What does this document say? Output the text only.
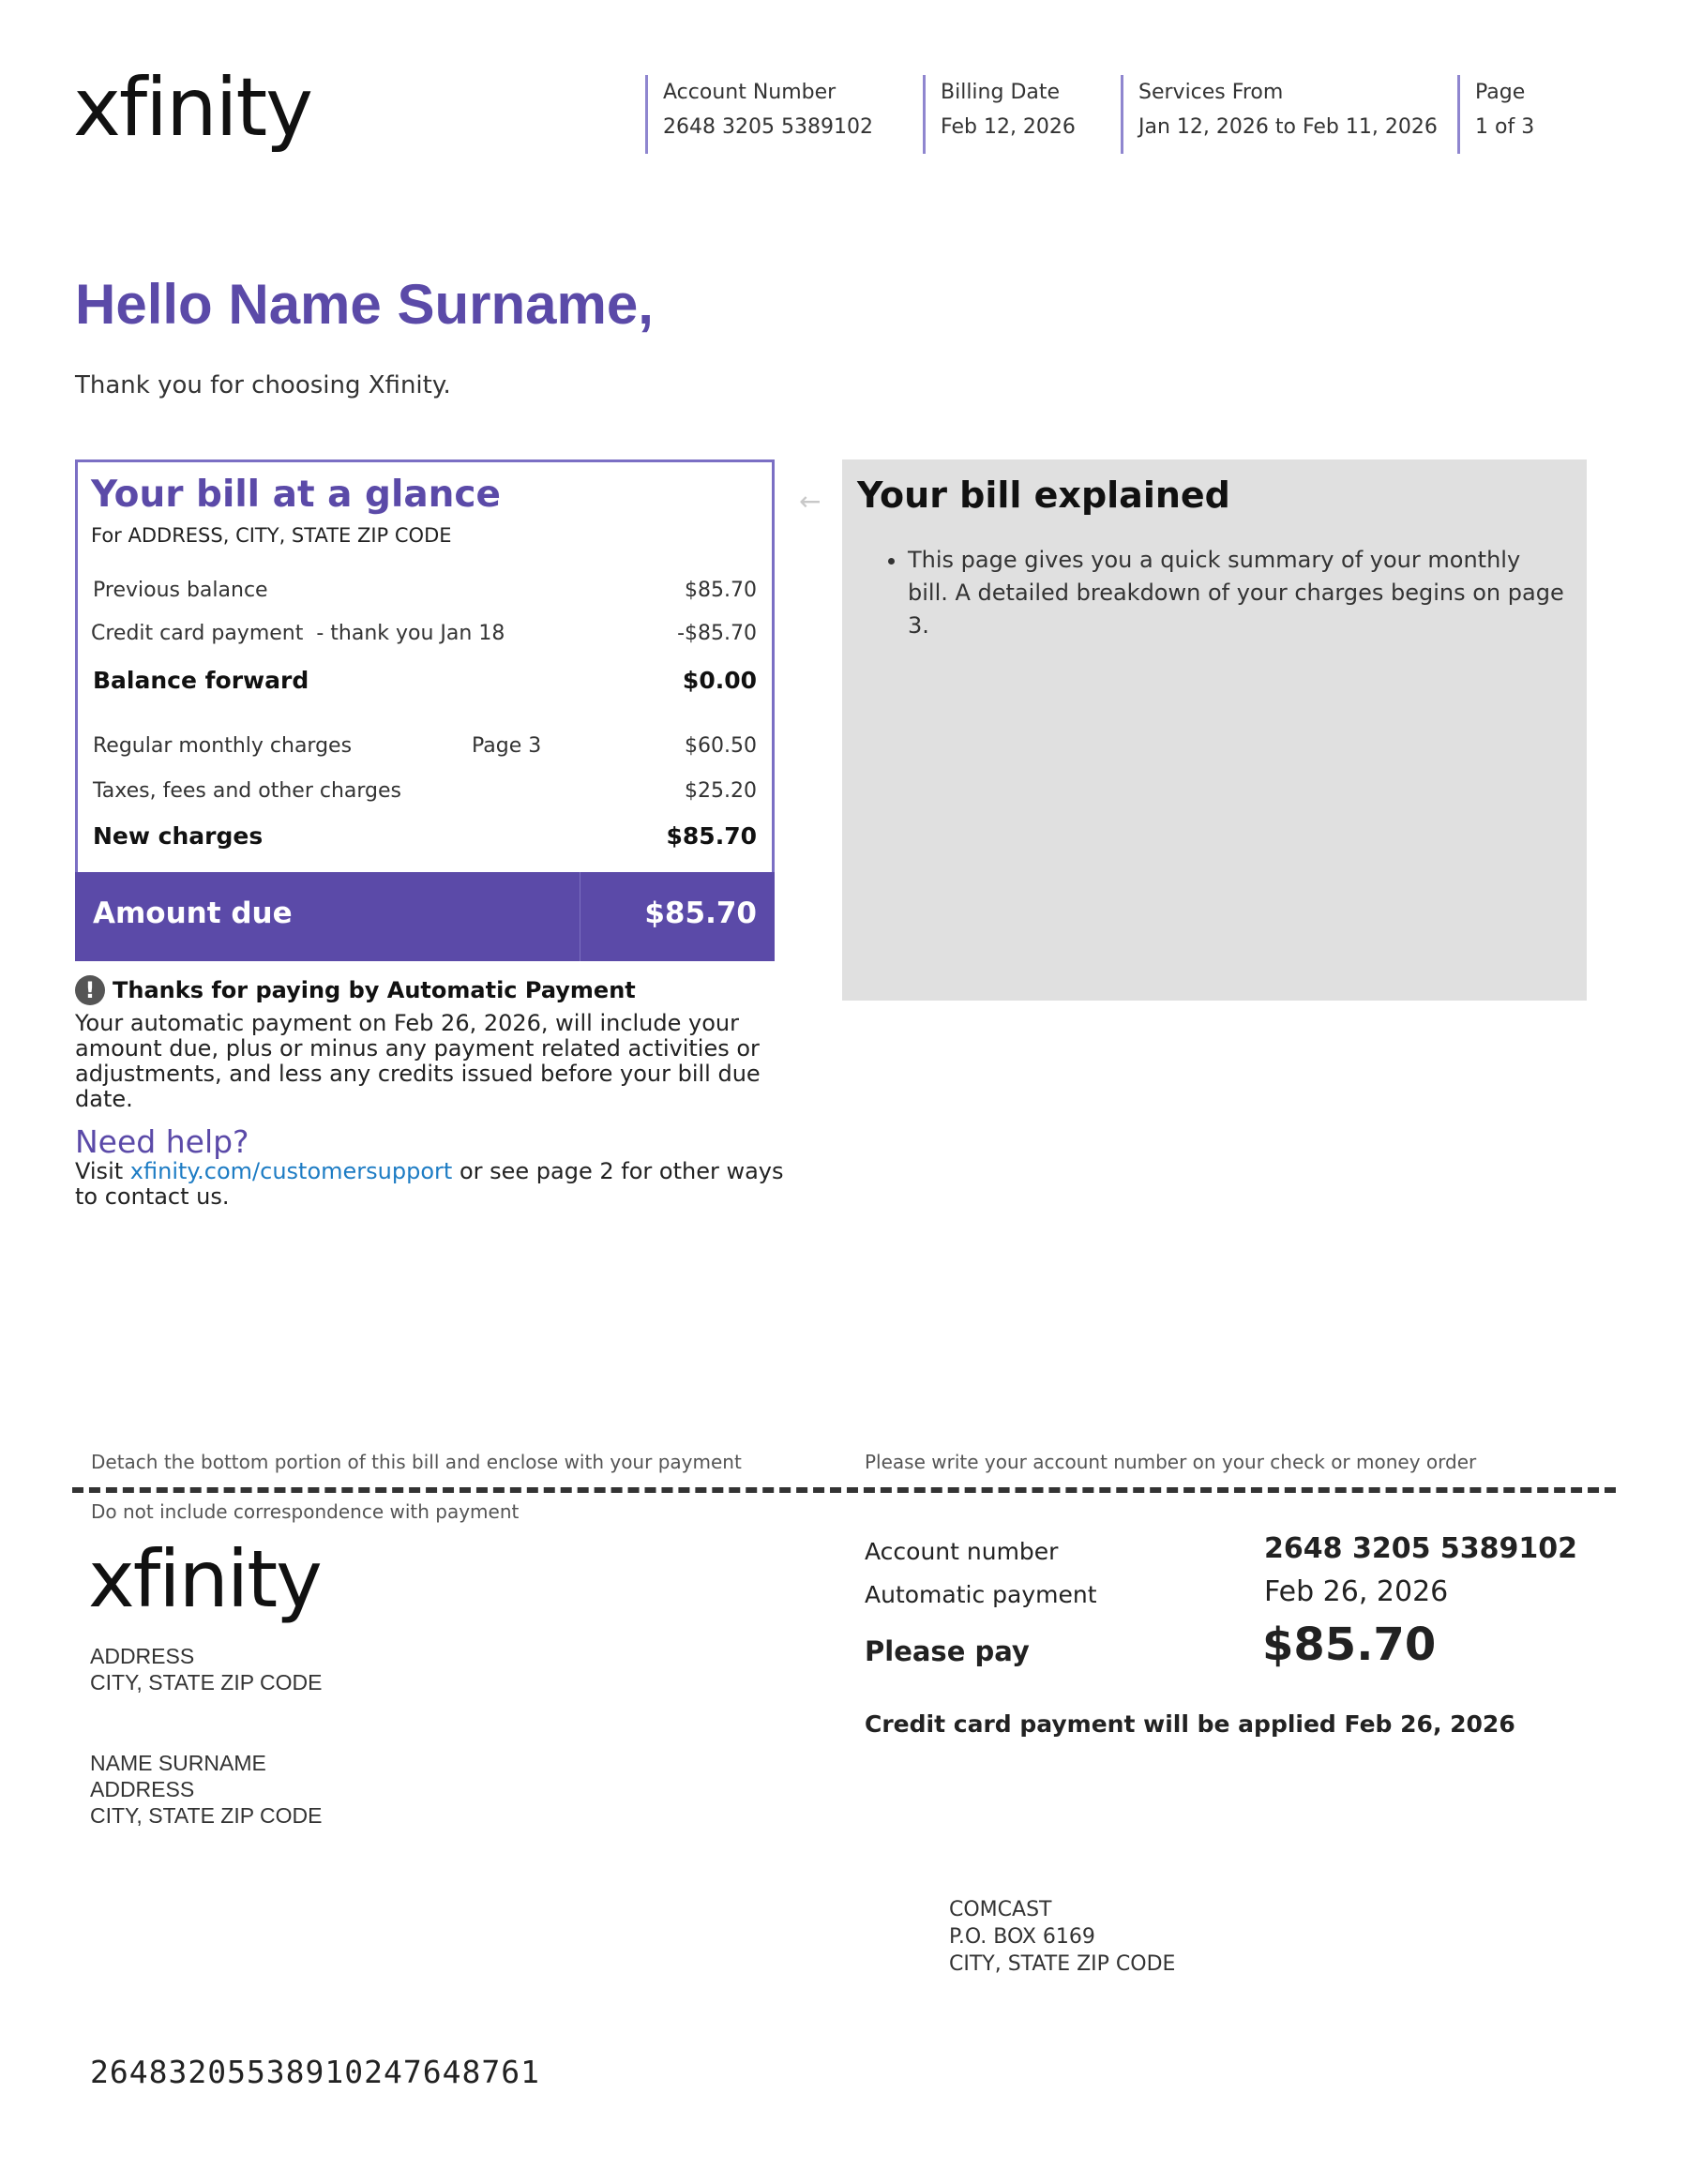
xfinity	Account Number
2648 3205 5389102
Billing Date
Feb 12, 2026
Services From
Jan 12, 2026 to Feb 11, 2026
Page
1 of 3
Hello Name Surname,
Thank you for choosing Xfinity.
Your bill at a glance
For ADDRESS, CITY, STATE ZIP CODE
Previous balance	$85.70
Credit card payment  - thank you Jan 18	-$85.70
Balance forward	$0.00
Regular monthly charges	Page 3	$60.50
Taxes, fees and other charges	$25.20
New charges	$85.70
Amount due	$85.70
! Thanks for paying by Automatic Payment
Your automatic payment on Feb 26, 2026, will include your amount due, plus or minus any payment related activities or adjustments, and less any credits issued before your bill due date.
Need help?
Visit xfinity.com/customersupport or see page 2 for other ways to contact us.
← Your bill explained
• This page gives you a quick summary of your monthly bill. A detailed breakdown of your charges begins on page 3.
Detach the bottom portion of this bill and enclose with your payment	Please write your account number on your check or money order
Do not include correspondence with payment
xfinity
ADDRESS
CITY, STATE ZIP CODE
NAME SURNAME
ADDRESS
CITY, STATE ZIP CODE
Account number	2648 3205 5389102
Automatic payment	Feb 26, 2026
Please pay	$85.70
Credit card payment will be applied Feb 26, 2026
COMCAST
P.O. BOX 6169
CITY, STATE ZIP CODE
26483205538910247648761
